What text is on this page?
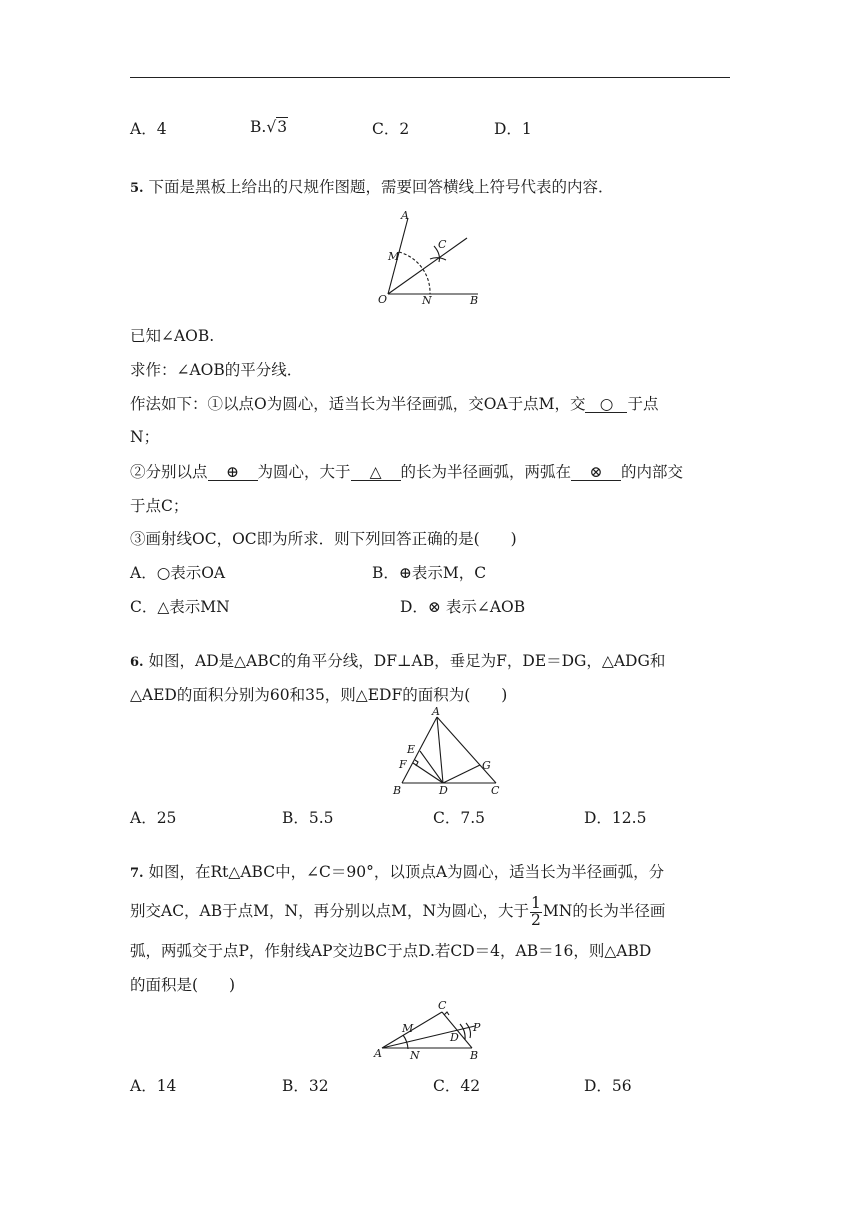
A．4	B.√3	C．2	D．1
5. 下面是黑板上给出的尺规作图题，需要回答横线上符号代表的内容．
A
M
C
O	N	B
已知∠AOB.
求作：∠AOB的平分线．
作法如下：①以点O为圆心，适当长为半径画弧，交OA于点M，交 ○ 于点
N；
②分别以点 ⊕ 为圆心，大于 △ 的长为半径画弧，两弧在 ⊗ 的内部交
于点C；
③画射线OC，OC即为所求．则下列回答正确的是(　　)
A．○表示OA	B．⊕表示M，C
C．△表示MN	D．⊗ 表示∠AOB
6. 如图，AD是△ABC的角平分线，DF⊥AB，垂足为F，DE＝DG，△ADG和
△AED的面积分别为60和35，则△EDF的面积为(　　)
A
E
F	G
B	D	C
A．25	B．5.5	C．7.5	D．12.5
7. 如图，在Rt△ABC中，∠C＝90°，以顶点A为圆心，适当长为半径画弧，分
别交AC，AB于点M，N，再分别以点M，N为圆心，大于 $\frac{1}{2}$ MN的长为半径画
弧，两弧交于点P，作射线AP交边BC于点D.若CD＝4，AB＝16，则△ABD
的面积是(　　)
C
M	P
D
A	N	B
A．14	B．32	C．42	D．56
